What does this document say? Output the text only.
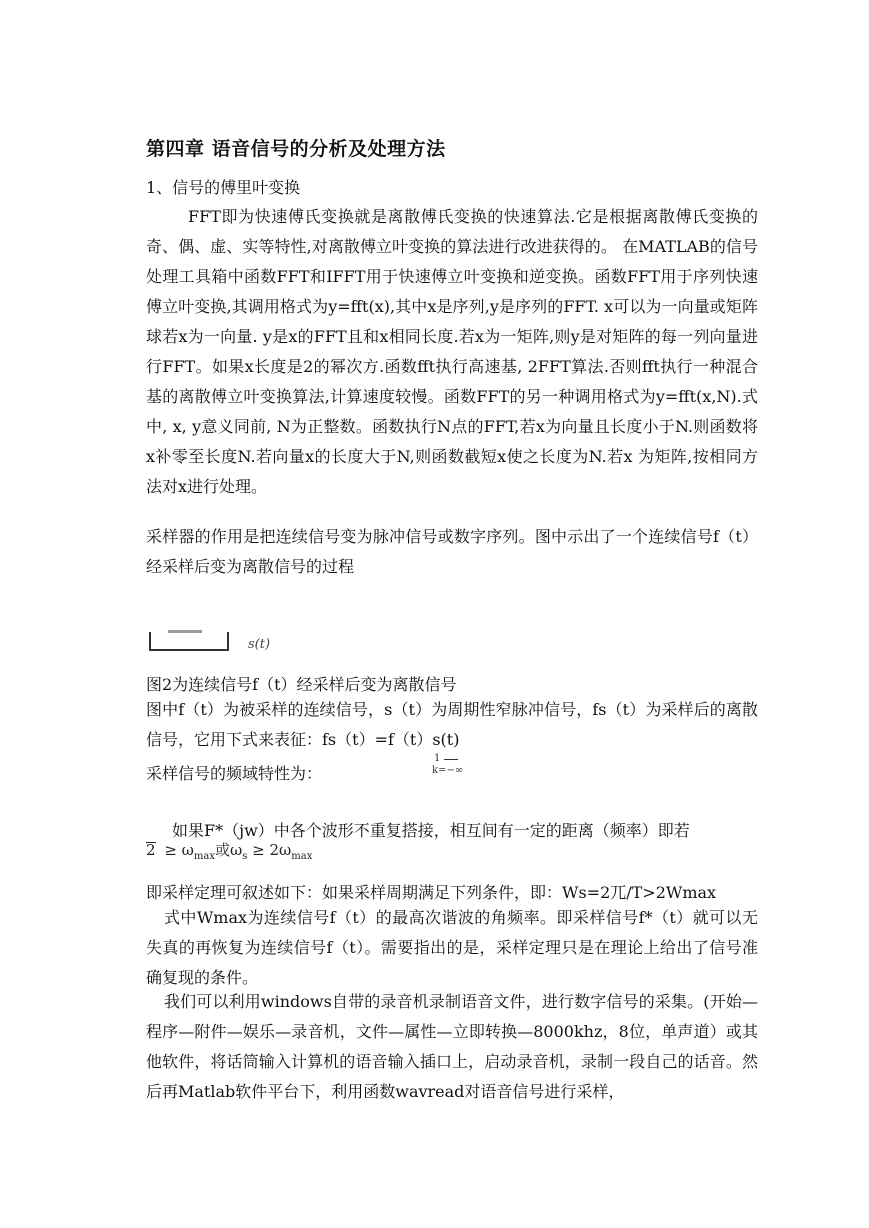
第四章 语音信号的分析及处理方法
1、信号的傅里叶变换
FFT即为快速傅氏变换就是离散傅氏变换的快速算法.它是根据离散傅氏变换的奇、偶、虚、实等特性,对离散傅立叶变换的算法进行改进获得的。 在MATLAB的信号处理工具箱中函数FFT和IFFT用于快速傅立叶变换和逆变换。函数FFT用于序列快速傅立叶变换,其调用格式为y=fft(x),其中x是序列,y是序列的FFT. x可以为一向量或矩阵球若x为一向量. y是x的FFT且和x相同长度.若x为一矩阵,则y是对矩阵的每一列向量进行FFT。如果x长度是2的幂次方.函数fft执行高速基, 2FFT算法.否则fft执行一种混合基的离散傅立叶变换算法,计算速度较慢。函数FFT的另一种调用格式为y=fft(x,N).式中, x, y意义同前, N为正整数。函数执行N点的FFT,若x为向量且长度小于N.则函数将x补零至长度N.若向量x的长度大于N,则函数截短x使之长度为N.若x 为矩阵,按相同方法对x进行处理。
采样器的作用是把连续信号变为脉冲信号或数字序列。图中示出了一个连续信号f（t）经采样后变为离散信号的过程
s(t)
图2为连续信号f（t）经采样后变为离散信号
图中f（t）为被采样的连续信号，s（t）为周期性窄脉冲信号，fs（t）为采样后的离散信号，它用下式来表征：fs（t）=f（t）s(t)
1
k=−∞
采样信号的频域特性为：
如果F*（jw）中各个波形不重复搭接，相互间有一定的距离（频率）即若
$2 \ge \omega_{max}$或$\omega_s \ge 2\omega_{max}$
即采样定理可叙述如下：如果采样周期满足下列条件，即：Ws=2兀/T>2Wmax
式中Wmax为连续信号f（t）的最高次谐波的角频率。即采样信号f*（t）就可以无失真的再恢复为连续信号f（t）。需要指出的是，采样定理只是在理论上给出了信号准确复现的条件。
我们可以利用windows自带的录音机录制语音文件，进行数字信号的采集。(开始—程序—附件—娱乐—录音机，文件—属性—立即转换—8000khz，8位，单声道）或其他软件，将话筒输入计算机的语音输入插口上，启动录音机，录制一段自己的话音。然后再Matlab软件平台下，利用函数wavread对语音信号进行采样，
